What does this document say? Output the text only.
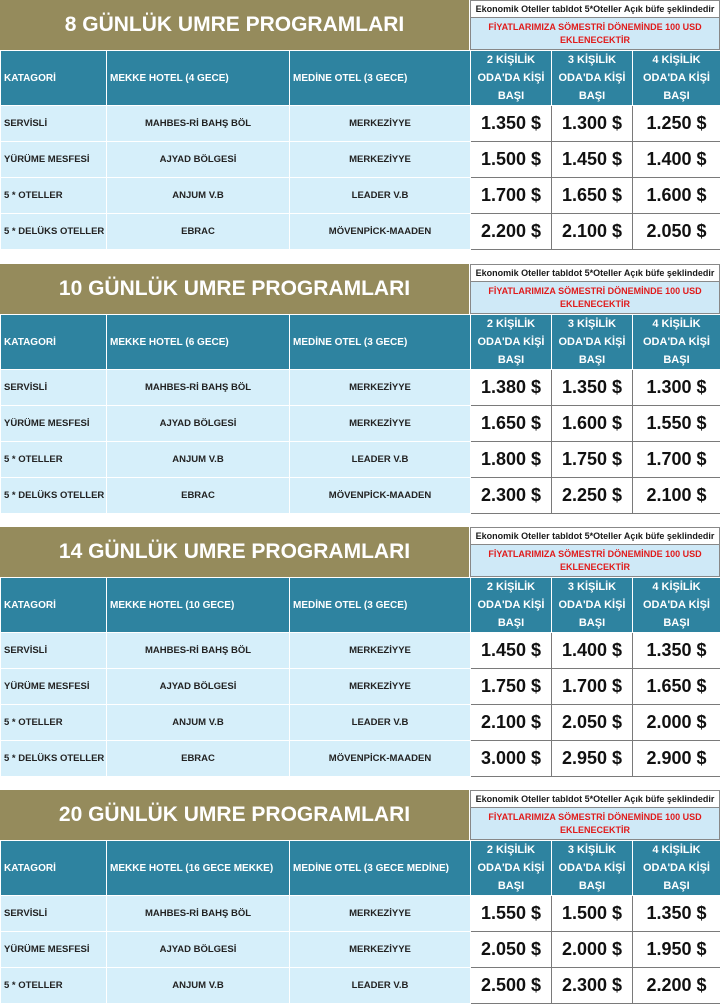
8 GÜNLÜK UMRE PROGRAMLARI
Ekonomik Oteller tabldot 5*Oteller Açık büfe şeklindedir
FİYATLARIMIZA SÖMESTRİ DÖNEMİNDE 100 USD EKLENECEKTİR
KATAGORİ	MEKKE HOTEL (4 GECE)	MEDİNE OTEL (3 GECE)	2 KİŞİLİK ODA'DA KİŞİ BAŞI	3 KİŞİLİK ODA'DA KİŞİ BAŞI	4 KİŞİLİK ODA'DA KİŞİ BAŞI
SERVİSLİ	MAHBES-Rİ BAHŞ BÖL	MERKEZİYYE	1.350 $	1.300 $	1.250 $
YÜRÜME MESFESİ	AJYAD BÖLGESİ	MERKEZİYYE	1.500 $	1.450 $	1.400 $
5 * OTELLER	ANJUM V.B	LEADER V.B	1.700 $	1.650 $	1.600 $
5 * DELÜKS OTELLER	EBRAC	MÖVENPİCK-MAADEN	2.200 $	2.100 $	2.050 $
10 GÜNLÜK UMRE PROGRAMLARI
Ekonomik Oteller tabldot 5*Oteller Açık büfe şeklindedir
FİYATLARIMIZA SÖMESTRİ DÖNEMİNDE 100 USD EKLENECEKTİR
KATAGORİ	MEKKE HOTEL (6 GECE)	MEDİNE OTEL (3 GECE)	2 KİŞİLİK ODA'DA KİŞİ BAŞI	3 KİŞİLİK ODA'DA KİŞİ BAŞI	4 KİŞİLİK ODA'DA KİŞİ BAŞI
SERVİSLİ	MAHBES-Rİ BAHŞ BÖL	MERKEZİYYE	1.380 $	1.350 $	1.300 $
YÜRÜME MESFESİ	AJYAD BÖLGESİ	MERKEZİYYE	1.650 $	1.600 $	1.550 $
5 * OTELLER	ANJUM V.B	LEADER V.B	1.800 $	1.750 $	1.700 $
5 * DELÜKS OTELLER	EBRAC	MÖVENPİCK-MAADEN	2.300 $	2.250 $	2.100 $
14 GÜNLÜK UMRE PROGRAMLARI
Ekonomik Oteller tabldot 5*Oteller Açık büfe şeklindedir
FİYATLARIMIZA SÖMESTRİ DÖNEMİNDE 100 USD EKLENECEKTİR
KATAGORİ	MEKKE HOTEL (10 GECE)	MEDİNE OTEL (3 GECE)	2 KİŞİLİK ODA'DA KİŞİ BAŞI	3 KİŞİLİK ODA'DA KİŞİ BAŞI	4 KİŞİLİK ODA'DA KİŞİ BAŞI
SERVİSLİ	MAHBES-Rİ BAHŞ BÖL	MERKEZİYYE	1.450 $	1.400 $	1.350 $
YÜRÜME MESFESİ	AJYAD BÖLGESİ	MERKEZİYYE	1.750 $	1.700 $	1.650 $
5 * OTELLER	ANJUM V.B	LEADER V.B	2.100 $	2.050 $	2.000 $
5 * DELÜKS OTELLER	EBRAC	MÖVENPİCK-MAADEN	3.000 $	2.950 $	2.900 $
20 GÜNLÜK UMRE PROGRAMLARI
Ekonomik Oteller tabldot 5*Oteller Açık büfe şeklindedir
FİYATLARIMIZA SÖMESTRİ DÖNEMİNDE 100 USD EKLENECEKTİR
KATAGORİ	MEKKE HOTEL (16 GECE MEKKE)	MEDİNE OTEL (3 GECE MEDİNE)	2 KİŞİLİK ODA'DA KİŞİ BAŞI	3 KİŞİLİK ODA'DA KİŞİ BAŞI	4 KİŞİLİK ODA'DA KİŞİ BAŞI
SERVİSLİ	MAHBES-Rİ BAHŞ BÖL	MERKEZİYYE	1.550 $	1.500 $	1.350 $
YÜRÜME MESFESİ	AJYAD BÖLGESİ	MERKEZİYYE	2.050 $	2.000 $	1.950 $
5 * OTELLER	ANJUM V.B	LEADER V.B	2.500 $	2.300 $	2.200 $
